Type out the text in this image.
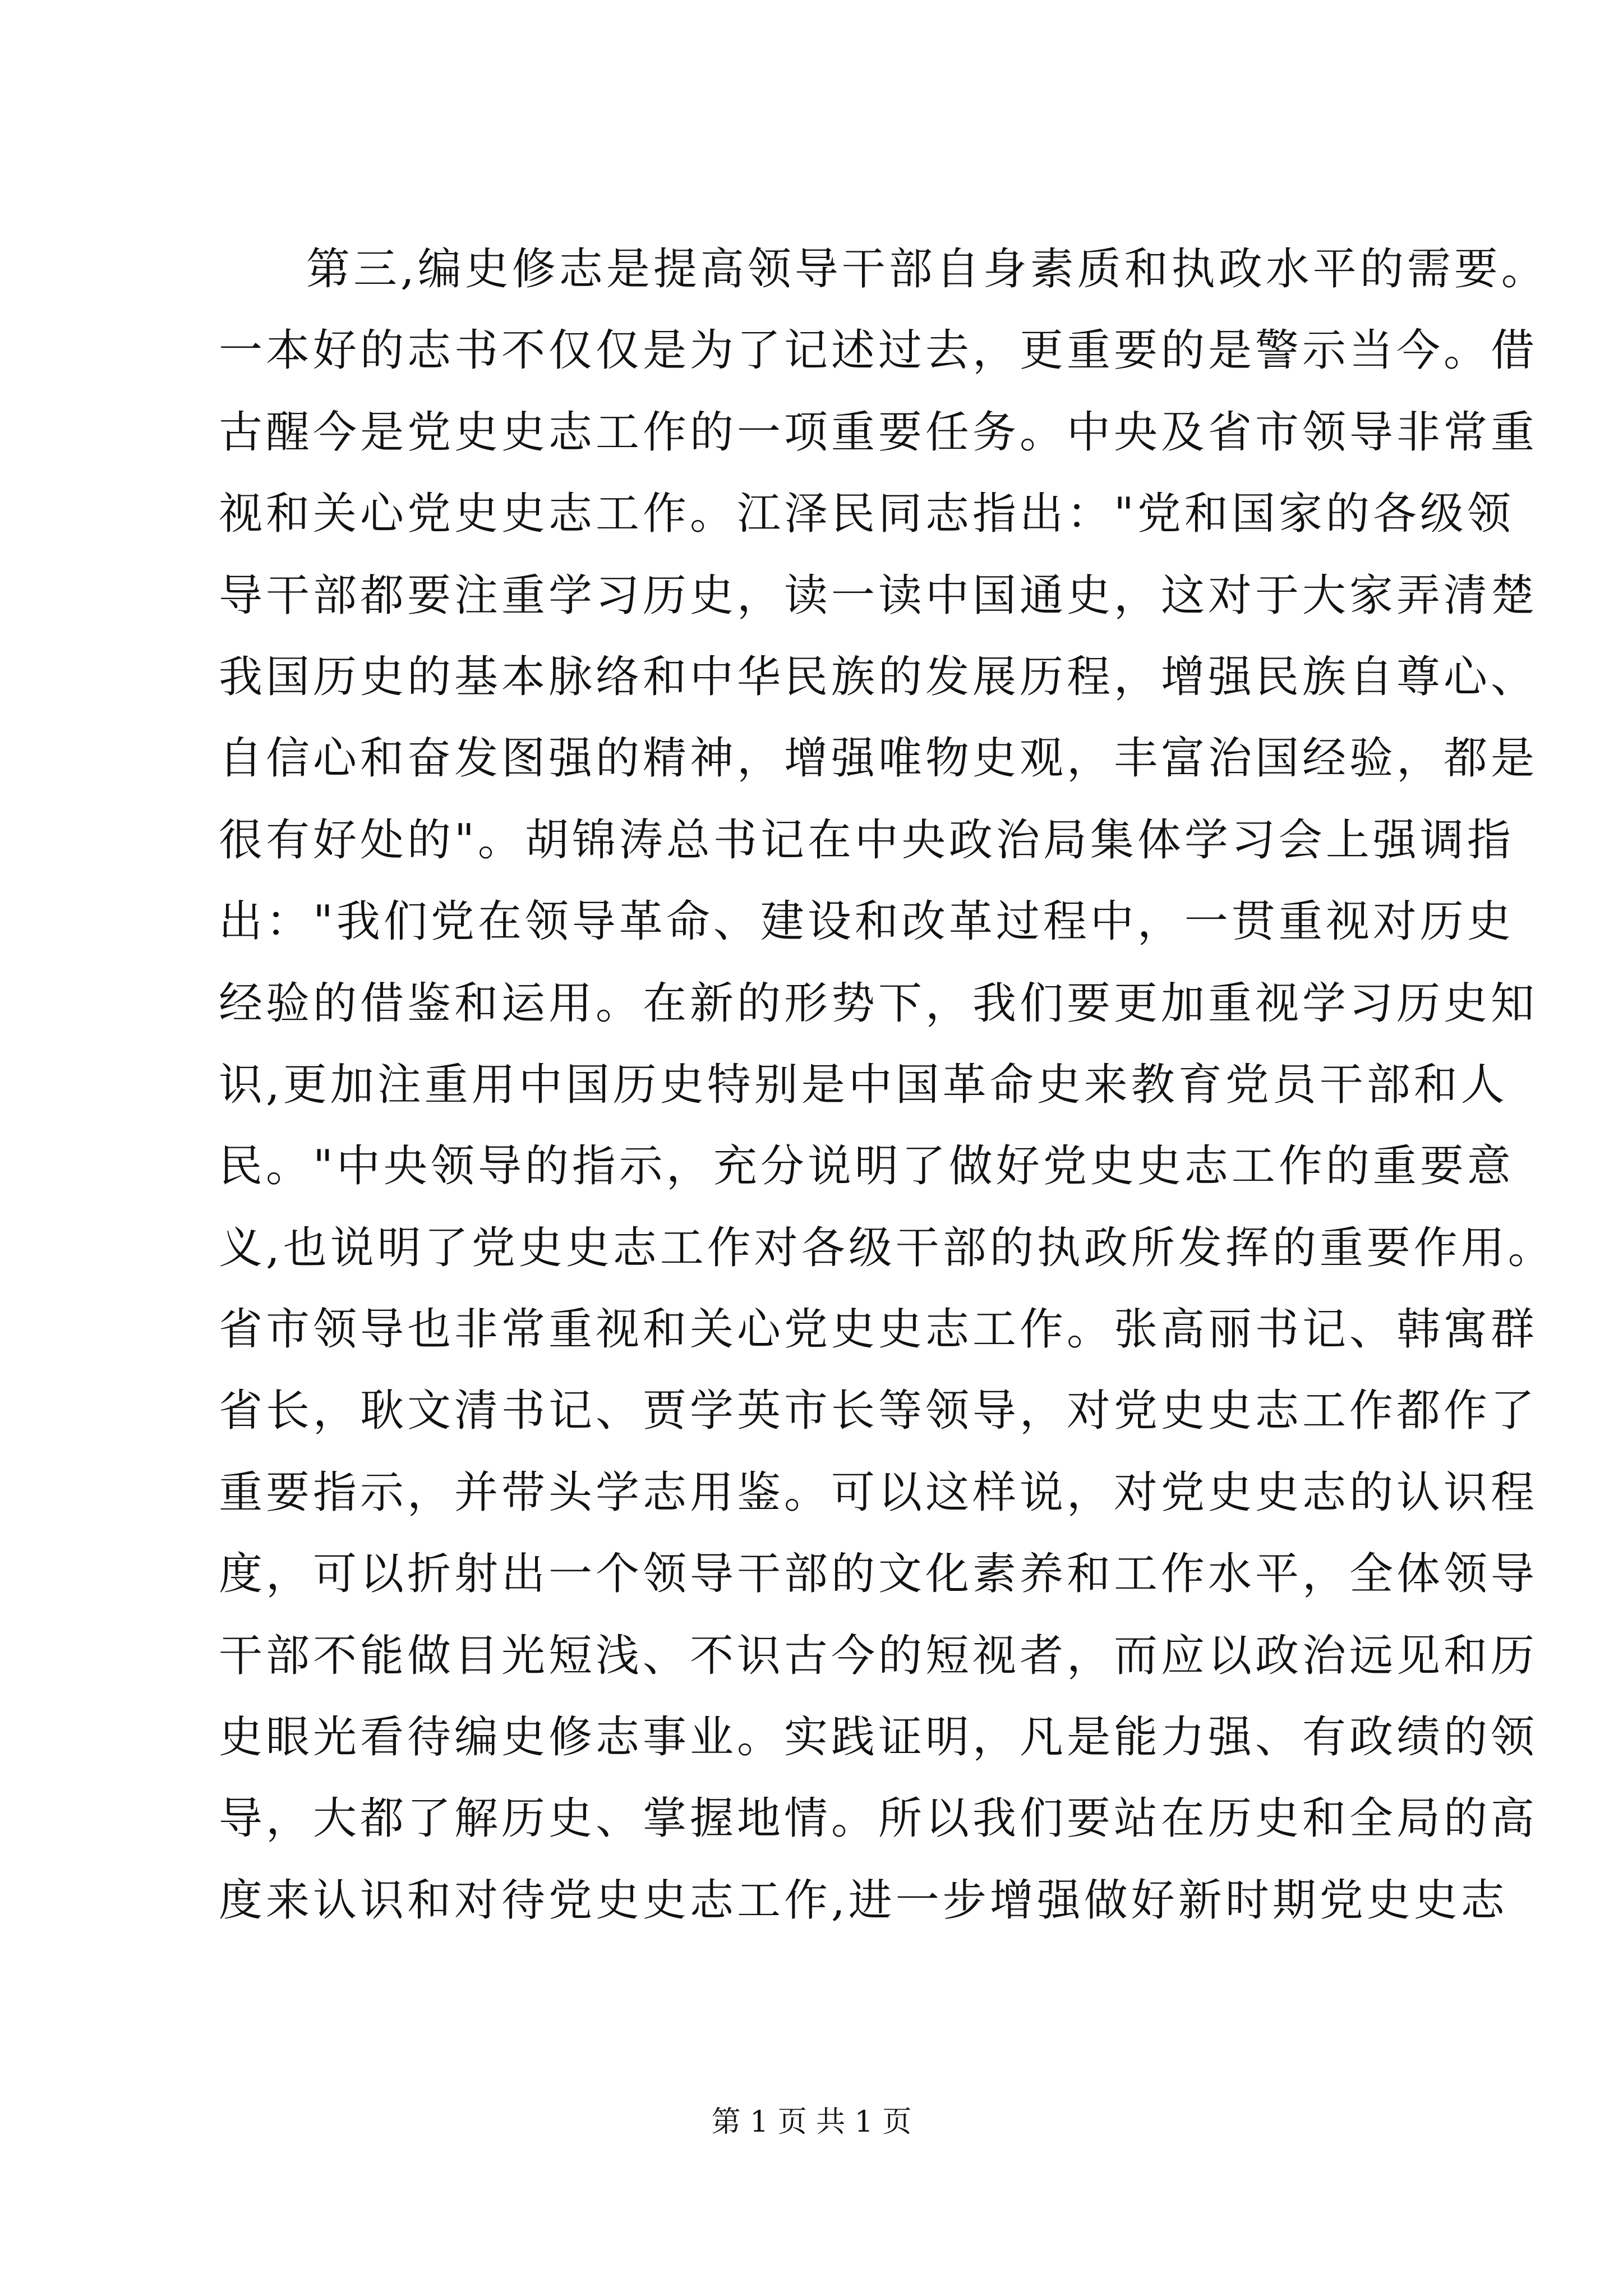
第三,编史修志是提高领导干部自身素质和执政水平的需要。
一本好的志书不仅仅是为了记述过去，更重要的是警示当今。借
古醒今是党史史志工作的一项重要任务。中央及省市领导非常重
视和关心党史史志工作。江泽民同志指出："党和国家的各级领
导干部都要注重学习历史，读一读中国通史，这对于大家弄清楚
我国历史的基本脉络和中华民族的发展历程，增强民族自尊心、
自信心和奋发图强的精神，增强唯物史观，丰富治国经验，都是
很有好处的"。胡锦涛总书记在中央政治局集体学习会上强调指
出："我们党在领导革命、建设和改革过程中，一贯重视对历史
经验的借鉴和运用。在新的形势下，我们要更加重视学习历史知
识,更加注重用中国历史特别是中国革命史来教育党员干部和人
民。"中央领导的指示，充分说明了做好党史史志工作的重要意
义,也说明了党史史志工作对各级干部的执政所发挥的重要作用。
省市领导也非常重视和关心党史史志工作。张高丽书记、韩寓群
省长，耿文清书记、贾学英市长等领导，对党史史志工作都作了
重要指示，并带头学志用鉴。可以这样说，对党史史志的认识程
度，可以折射出一个领导干部的文化素养和工作水平，全体领导
干部不能做目光短浅、不识古今的短视者，而应以政治远见和历
史眼光看待编史修志事业。实践证明，凡是能力强、有政绩的领
导，大都了解历史、掌握地情。所以我们要站在历史和全局的高
度来认识和对待党史史志工作,进一步增强做好新时期党史史志
第 1 页 共 1 页
